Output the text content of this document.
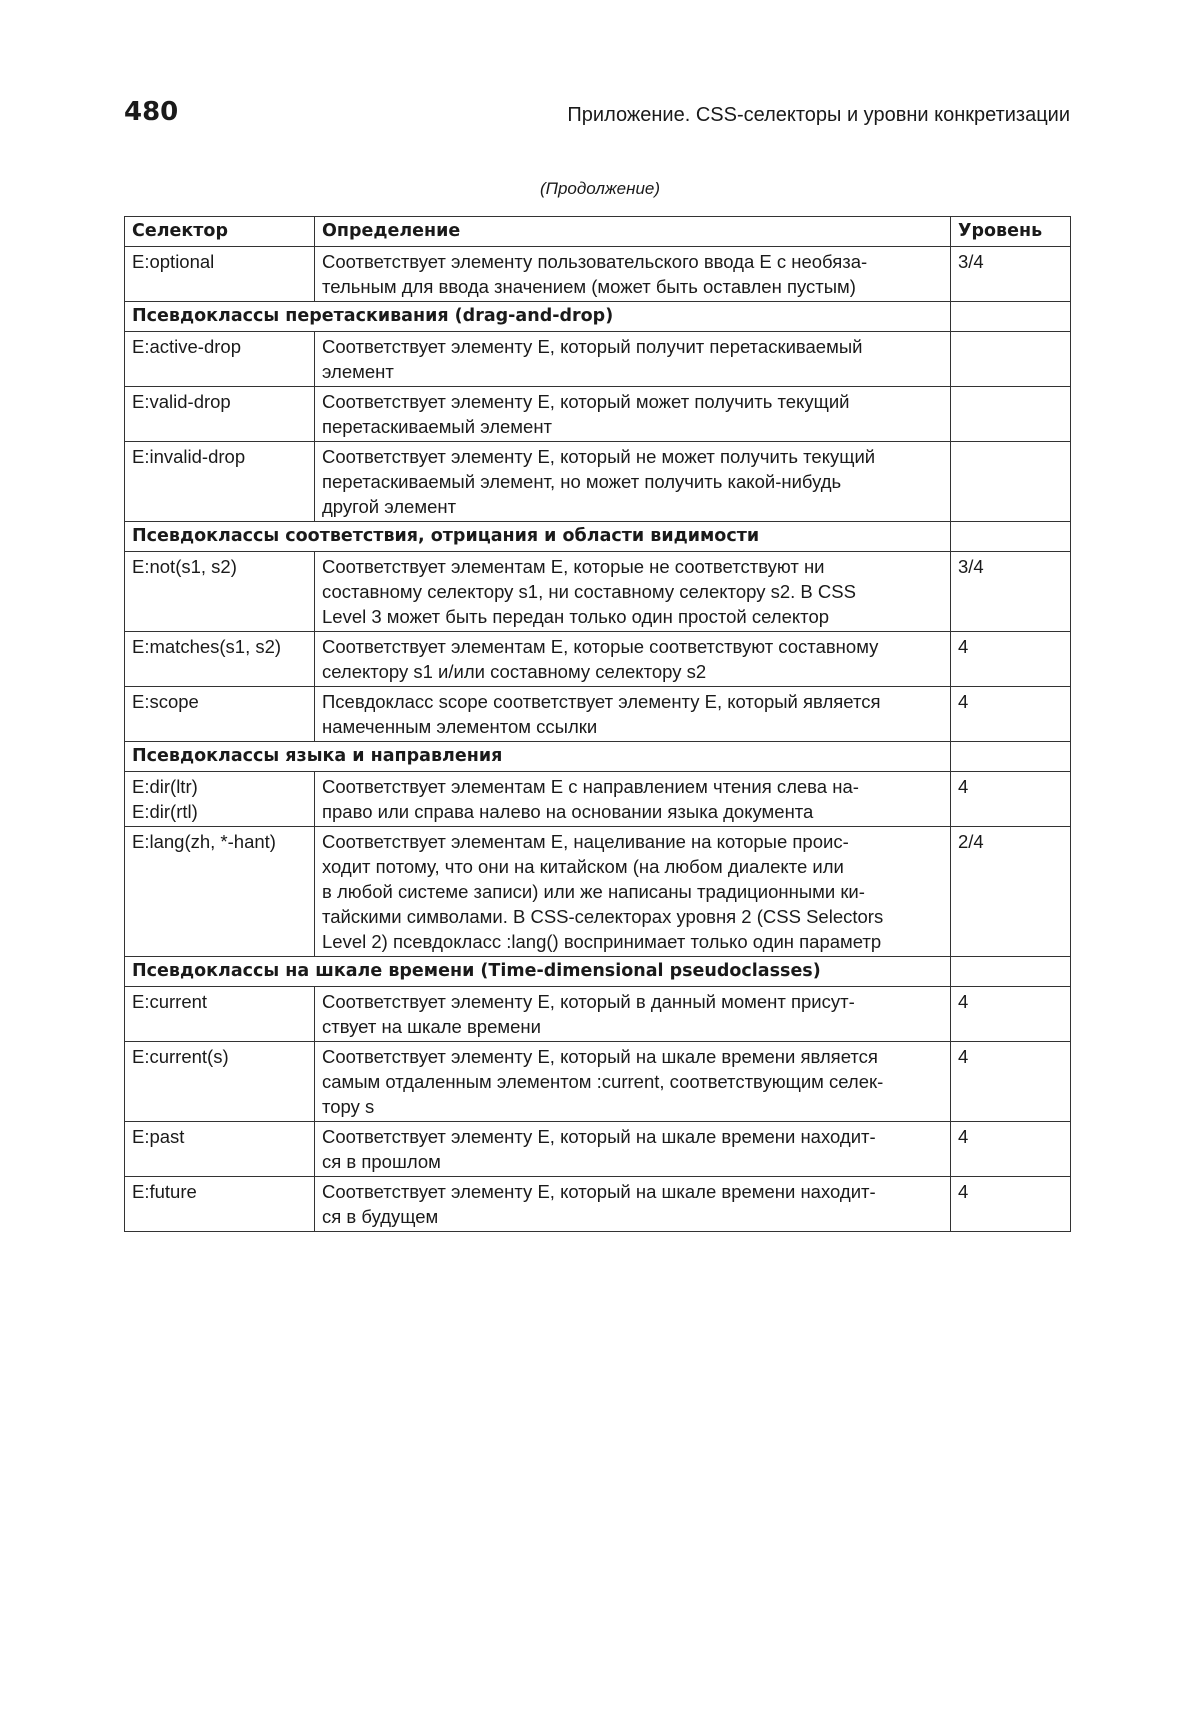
480	Приложение. CSS-селекторы и уровни конкретизации
(Продолжение)
Селектор	Определение	Уровень

E:optional	Соответствует элементу пользовательского ввода E с необяза-
тельным для ввода значением (может быть оставлен пустым)	3/4
Псевдоклассы перетаскивания (drag-and-drop)		

E:active-drop	Соответствует элементу E, который получит перетаскиваемый
элемент	

E:valid-drop	Соответствует элементу E, который может получить текущий
перетаскиваемый элемент	

E:invalid-drop	Соответствует элементу E, который не может получить текущий
перетаскиваемый элемент, но может получить какой-нибудь
другой элемент	

Псевдоклассы соответствия, отрицания и области видимости		

E:not(s1, s2)	Соответствует элементам E, которые не соответствуют ни
составному селектору s1, ни составному селектору s2. В CSS
Level 3 может быть передан только один простой селектор	3/4

E:matches(s1, s2)	Соответствует элементам E, которые соответствуют составному
селектору s1 и/или составному селектору s2	4

E:scope	Псевдокласс scope соответствует элементу E, который является
намеченным элементом ссылки	4
Псевдоклассы языка и направления		

E:dir(ltr)
E:dir(rtl)	Соответствует элементам E с направлением чтения слева на-
право или справа налево на основании языка документа	4

E:lang(zh, *-hant)	Соответствует элементам E, нацеливание на которые проис-
ходит потому, что они на китайском (на любом диалекте или
в любой системе записи) или же написаны традиционными ки-
тайскими символами. В CSS-селекторах уровня 2 (CSS Selectors
Level 2) псевдокласс :lang() воспринимает только один параметр	2/4
Псевдоклассы на шкале времени (Time-dimensional pseudoclasses)		

E:current	Соответствует элементу E, который в данный момент присут-
ствует на шкале времени	4

E:current(s)	Соответствует элементу E, который на шкале времени является
самым отдаленным элементом :current, соответствующим селек-
тору s	4

E:past	Соответствует элементу E, который на шкале времени находит-
ся в прошлом	4

E:future	Соответствует элементу E, который на шкале времени находит-
ся в будущем	4
